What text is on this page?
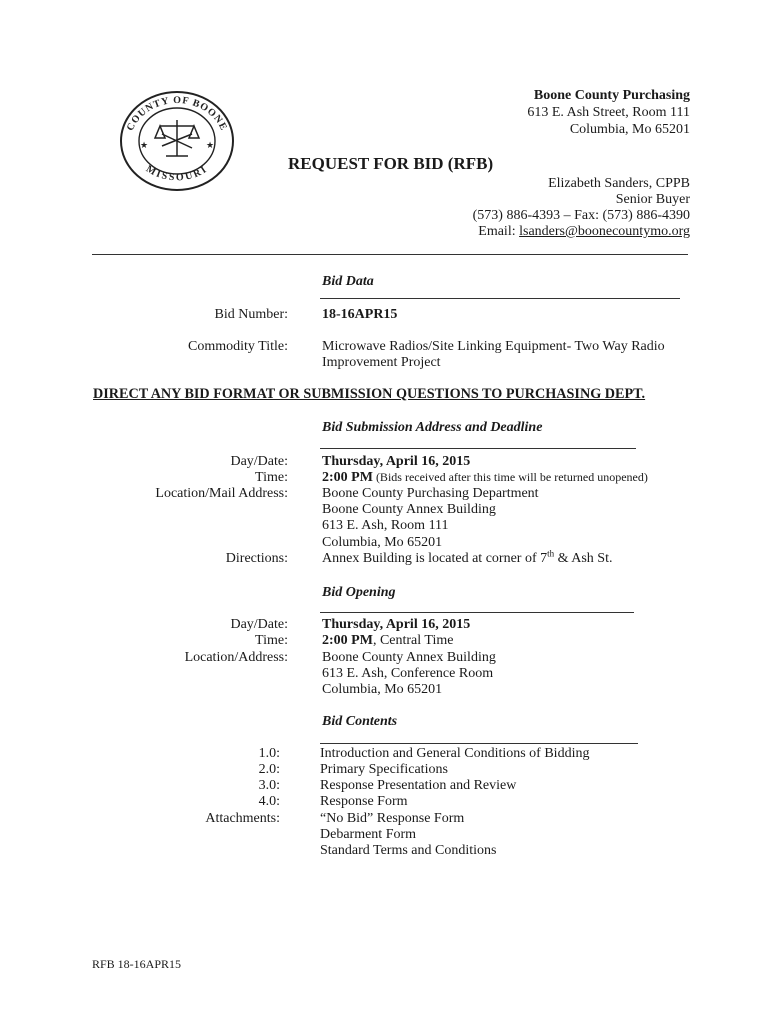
COUNTY OF BOONE
MISSOURI
★	★
Boone County Purchasing
613 E. Ash Street, Room 111
Columbia, Mo 65201
REQUEST FOR BID (RFB)
Elizabeth Sanders, CPPB
Senior Buyer
(573) 886-4393 – Fax: (573) 886-4390
Email: lsanders@boonecountymo.org
Bid Data
Bid Number: 18-16APR15
Commodity Title: Microwave Radios/Site Linking Equipment- Two Way Radio
Improvement Project
DIRECT ANY BID FORMAT OR SUBMISSION QUESTIONS TO PURCHASING DEPT.
Bid Submission Address and Deadline
Day/Date: Thursday, April 16, 2015
Time: 2:00 PM (Bids received after this time will be returned unopened)
Location/Mail Address: Boone County Purchasing Department
Boone County Annex Building
613 E. Ash, Room 111
Columbia, Mo 65201
Directions: Annex Building is located at corner of 7th & Ash St.
Bid Opening
Day/Date: Thursday, April 16, 2015
Time: 2:00 PM, Central Time
Location/Address: Boone County Annex Building
613 E. Ash, Conference Room
Columbia, Mo 65201
Bid Contents
1.0:	Introduction and General Conditions of Bidding
2.0:	Primary Specifications
3.0:	Response Presentation and Review
4.0:	Response Form
Attachments:	“No Bid” Response Form
Debarment Form
Standard Terms and Conditions
RFB 18-16APR15
